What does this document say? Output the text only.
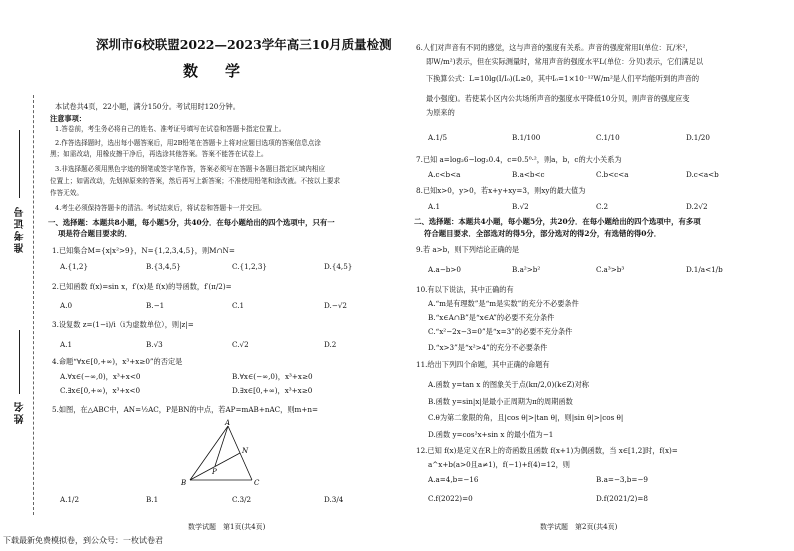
准考证号
姓名
深圳市6校联盟2022—2023学年高三10月质量检测
数　学
本试卷共4页，22小题，满分150分。考试用时120分钟。
注意事项：
1.答卷前，考生务必将自己的姓名、准考证号填写在试卷和答题卡指定位置上。
2.作答选择题时，选出每小题答案后，用2B铅笔在答题卡上将对应题目选项的答案信息点涂
黑；如需改动，用橡皮擦干净后，再选涂其他答案。答案不能答在试卷上。
3.非选择题必须用黑色字迹的钢笔或签字笔作答，答案必须写在答题卡各题目指定区域内相应
位置上；如需改动，先划掉原来的答案，然后再写上新答案；不准使用铅笔和涂改液。不按以上要求
作答无效。
4.考生必须保持答题卡的清洁。考试结束后，将试卷和答题卡一并交回。
一、选择题：本题共8小题，每小题5分，共40分．在每小题给出的四个选项中，只有一
项是符合题目要求的．
1.已知集合M={x|x²>9}，N={1,2,3,4,5}，则M∩N=
A.{1,2}	B.{3,4,5}	C.{1,2,3}	D.{4,5}
2.已知函数 f(x)=sin x，f′(x)是 f(x)的导函数，f′(π/2)=
A.0	B.−1	C.1	D.−√2
3.设复数 z=(1−i)/i（i为虚数单位），则|z|=
A.1	B.√3	C.√2	D.2
4.命题“∀x∈[0,+∞)，x³+x≥0”的否定是
A.∀x∈(−∞,0)，x³+x<0	B.∀x∈(−∞,0)，x³+x≥0
C.∃x∈[0,+∞)，x³+x<0	D.∃x∈[0,+∞)，x³+x≥0
5.如图，在△ABC中，AN=½AC，P是BN的中点，若AP=mAB+nAC，则m+n=
A
N
P
B	C
A.1/2	B.1	C.3/2	D.3/4
数学试题　第1页(共4页)
6.人们对声音有不同的感觉，这与声音的强度有关系。声音的强度常用I(单位：瓦/米²，
即W/m²)表示，但在实际测量时，常用声音的强度水平L(单位：分贝)表示，它们满足以
下换算公式：L=10lg(I/I₀)(L≥0，其中I₀=1×10⁻¹²W/m²是人们平均能听到的声音的
最小强度)。若使某小区内公共场所声音的强度水平降低10分贝，则声音的强度应变
为原来的
A.1/5	B.1/100	C.1/10	D.1/20
7.已知 a=log₂6−log₂0.4，c=0.5⁰·²，则a，b，c的大小关系为
A.c<b<a	B.a<b<c	C.b<c<a	D.c<a<b
8.已知x>0，y>0，若x+y+xy=3，则xy的最大值为
A.1	B.√2	C.2	D.2√2
二、选择题：本题共4小题，每小题5分，共20分．在每小题给出的四个选项中，有多项
符合题目要求．全部选对的得5分，部分选对的得2分，有选错的得0分．
9.若 a>b，则下列结论正确的是
A.a−b>0	B.a²>b²	C.a³>b³	D.1/a<1/b
10.有以下说法，其中正确的有
A.“m是有理数”是“m是实数”的充分不必要条件
B.“x∈A∩B”是“x∈A”的必要不充分条件
C.“x²−2x−3=0”是“x=3”的必要不充分条件
D.“x>3”是“x²>4”的充分不必要条件
11.给出下列四个命题，其中正确的命题有
A.函数 y=tan x 的图象关于点(kπ/2,0)(k∈Z)对称
B.函数 y=sin|x|是最小正周期为π的周期函数
C.θ为第二象限的角，且|cos θ|>|tan θ|，则|sin θ|>|cos θ|
D.函数 y=cos²x+sin x 的最小值为−1
12.已知 f(x)是定义在R上的奇函数且函数 f(x+1)为偶函数，当 x∈[1,2]时，f(x)=
a^x+b(a>0且a≠1)，f(−1)+f(4)=12，则
A.a=4,b=−16	B.a=−3,b=−9
C.f(2022)=0	D.f(2021/2)=8
数学试题　第2页(共4页)
下载最新免费模拟卷，到公众号：一枚试卷君
